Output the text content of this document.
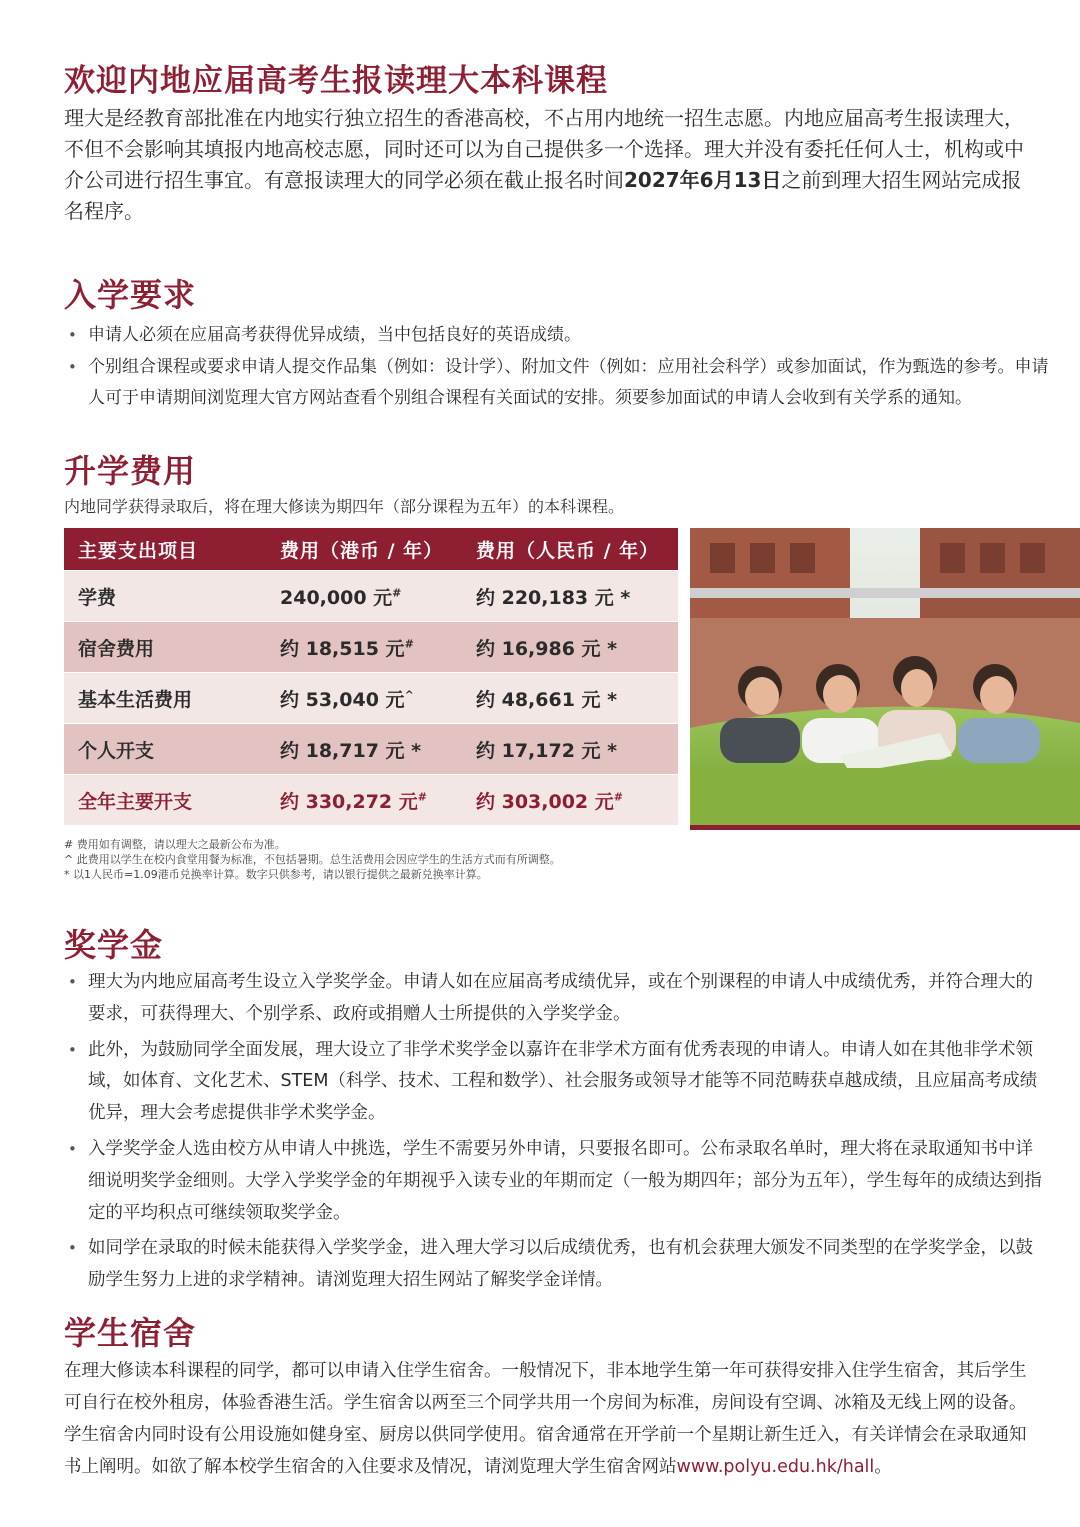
欢迎内地应届高考生报读理大本科课程

理大是经教育部批准在内地实行独立招生的香港高校，不占用内地统一招生志愿。内地应届高考生报读理大，不但不会影响其填报内地高校志愿，同时还可以为自己提供多一个选择。理大并没有委托任何人士，机构或中介公司进行招生事宜。有意报读理大的同学必须在截止报名时间2027年6月13日之前到理大招生网站完成报名程序。

入学要求
• 申请人必须在应届高考获得优异成绩，当中包括良好的英语成绩。
• 个别组合课程或要求申请人提交作品集（例如：设计学）、附加文件（例如：应用社会科学）或参加面试，作为甄选的参考。申请人可于申请期间浏览理大官方网站查看个别组合课程有关面试的安排。须要参加面试的申请人会收到有关学系的通知。
升学费用

内地同学获得录取后，将在理大修读为期四年（部分课程为五年）的本科课程。

主要支出项目	费用（港币 / 年）	费用（人民币 / 年）
学费	240,000 元#	约 220,183 元 *
宿舍费用	约 18,515 元#	约 16,986 元 *
基本生活费用	约 53,040 元^	约 48,661 元 *
个人开支	约 18,717 元 *	约 17,172 元 *
全年主要开支	约 330,272 元#	约 303,002 元#
# 费用如有调整，请以理大之最新公布为准。
^ 此费用以学生在校内食堂用餐为标准，不包括暑期。总生活费用会因应学生的生活方式而有所调整。
* 以1人民币=1.09港币兑换率计算。数字只供参考，请以银行提供之最新兑换率计算。
奖学金
• 理大为内地应届高考生设立入学奖学金。申请人如在应届高考成绩优异，或在个别课程的申请人中成绩优秀，并符合理大的要求，可获得理大、个别学系、政府或捐赠人士所提供的入学奖学金。
• 此外，为鼓励同学全面发展，理大设立了非学术奖学金以嘉许在非学术方面有优秀表现的申请人。申请人如在其他非学术领域，如体育、文化艺术、STEM（科学、技术、工程和数学）、社会服务或领导才能等不同范畴获卓越成绩，且应届高考成绩优异，理大会考虑提供非学术奖学金。
• 入学奖学金人选由校方从申请人中挑选，学生不需要另外申请，只要报名即可。公布录取名单时，理大将在录取通知书中详细说明奖学金细则。大学入学奖学金的年期视乎入读专业的年期而定（一般为期四年；部分为五年），学生每年的成绩达到指定的平均积点可继续领取奖学金。
• 如同学在录取的时候未能获得入学奖学金，进入理大学习以后成绩优秀，也有机会获理大颁发不同类型的在学奖学金，以鼓励学生努力上进的求学精神。请浏览理大招生网站了解奖学金详情。
学生宿舍

在理大修读本科课程的同学，都可以申请入住学生宿舍。一般情况下，非本地学生第一年可获得安排入住学生宿舍，其后学生可自行在校外租房，体验香港生活。学生宿舍以两至三个同学共用一个房间为标准，房间设有空调、冰箱及无线上网的设备。学生宿舍内同时设有公用设施如健身室、厨房以供同学使用。宿舍通常在开学前一个星期让新生迁入，有关详情会在录取通知书上阐明。如欲了解本校学生宿舍的入住要求及情况，请浏览理大学生宿舍网站www.polyu.edu.hk/hall。
